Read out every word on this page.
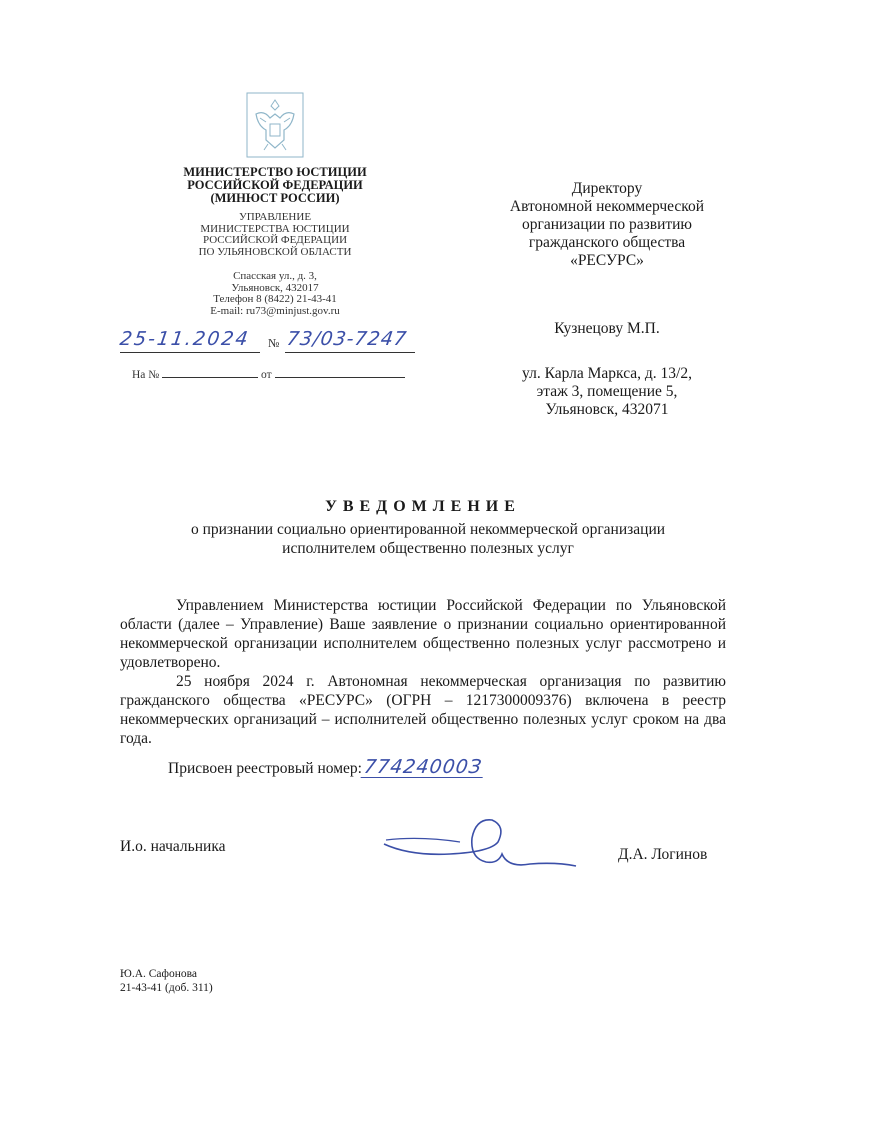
МИНИСТЕРСТВО ЮСТИЦИИ
РОССИЙСКОЙ ФЕДЕРАЦИИ
(МИНЮСТ РОССИИ)
УПРАВЛЕНИЕ
МИНИСТЕРСТВА ЮСТИЦИИ
РОССИЙСКОЙ ФЕДЕРАЦИИ
ПО УЛЬЯНОВСКОЙ ОБЛАСТИ
Спасская ул., д. 3,
Ульяновск, 432017
Телефон 8 (8422) 21-43-41
E-mail: ru73@minjust.gov.ru
25-11.2024 № 73/03-7247
На №	от
Директору
Автономной некоммерческой
организации по развитию
гражданского общества
«РЕСУРС»
Кузнецову М.П.
ул. Карла Маркса, д. 13/2,
этаж 3, помещение 5,
Ульяновск, 432071
УВЕДОМЛЕНИЕ
о признании социально ориентированной некоммерческой организации
исполнителем общественно полезных услуг

Управлением Министерства юстиции Российской Федерации по Ульяновской области (далее – Управление) Ваше заявление о признании социально ориентированной некоммерческой организации исполнителем общественно полезных услуг рассмотрено и удовлетворено.

25 ноября 2024 г. Автономная некоммерческая организация по развитию гражданского общества «РЕСУРС» (ОГРН – 1217300009376) включена в реестр некоммерческих организаций – исполнителей общественно полезных услуг сроком на два года.

Присвоен реестровый номер:77424000З
И.о. начальника	Д.А. Логинов
Ю.А. Сафонова
21-43-41 (доб. 311)
